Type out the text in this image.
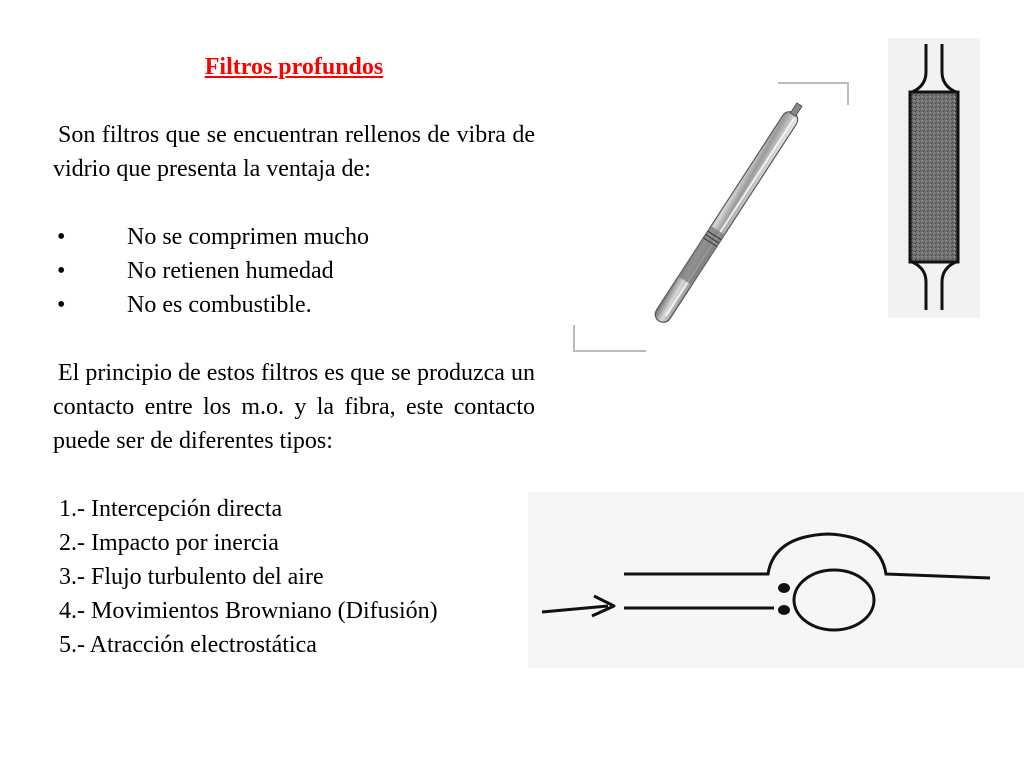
Filtros profundos

Son filtros que se encuentran rellenos de vibra de vidrio que presenta la ventaja de:

•	No se comprimen mucho
•	No retienen humedad
•	No es combustible.

El principio de estos filtros es que se produzca un contacto entre los m.o. y la fibra, este contacto puede ser de diferentes tipos:

1.- Intercepción directa
2.- Impacto por inercia
3.- Flujo turbulento del aire
4.- Movimientos Browniano (Difusión)
5.- Atracción electrostática
